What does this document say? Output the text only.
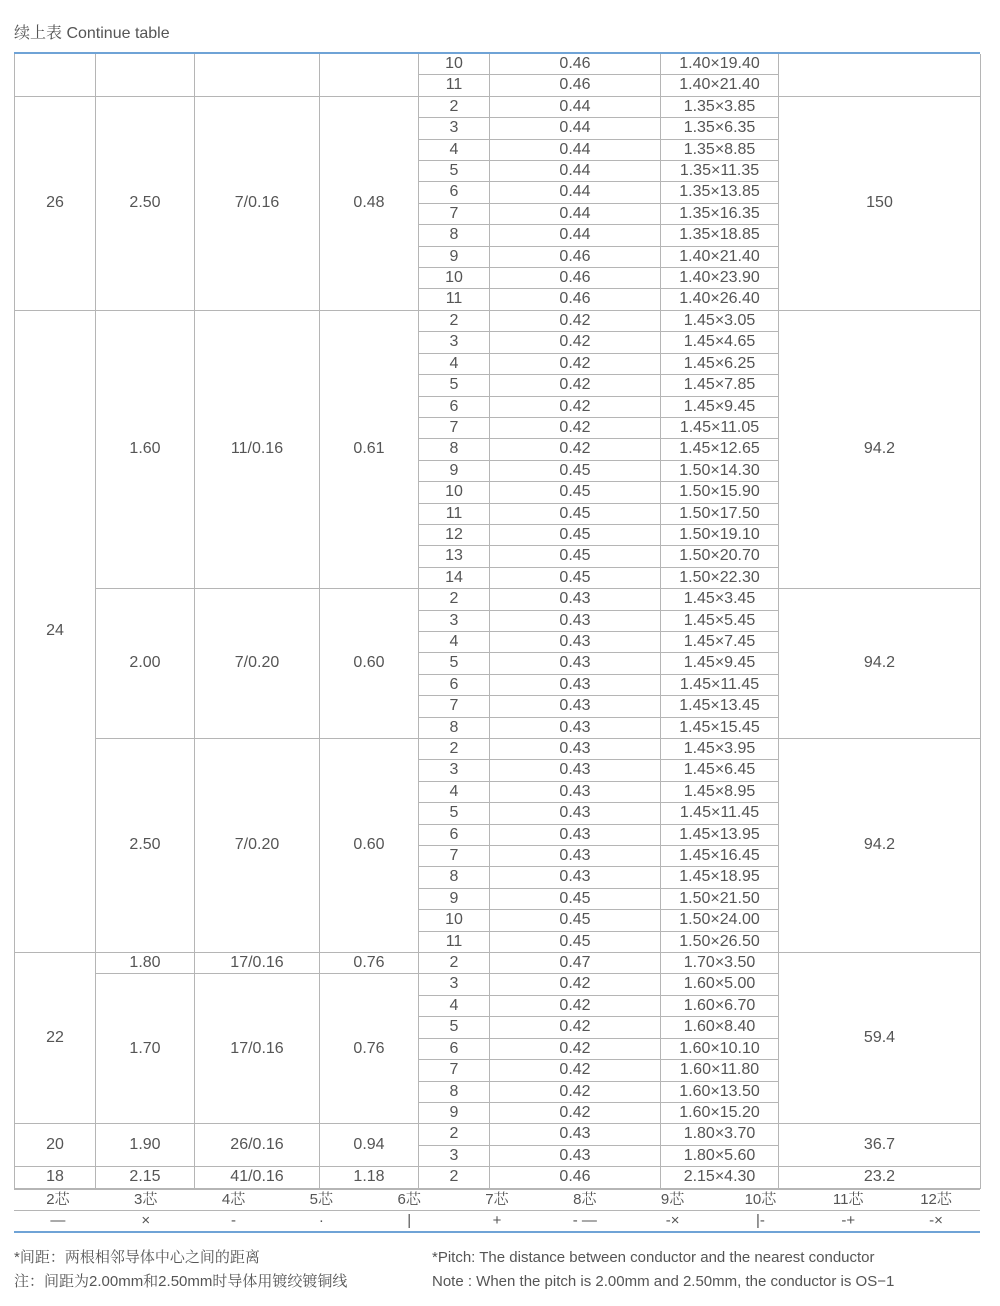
续上表 Continue table
				10	0.46	1.40×19.40	
				11	0.46	1.40×21.40	
26	2.50	7/0.16	0.48	2	0.44	1.35×3.85	150
				3	0.44	1.35×6.35	
				4	0.44	1.35×8.85	
				5	0.44	1.35×11.35	
				6	0.44	1.35×13.85	
				7	0.44	1.35×16.35	
				8	0.44	1.35×18.85	
				9	0.46	1.40×21.40	
				10	0.46	1.40×23.90	
				11	0.46	1.40×26.40	
24	1.60	11/0.16	0.61	2	0.42	1.45×3.05	94.2
				3	0.42	1.45×4.65	
				4	0.42	1.45×6.25	
				5	0.42	1.45×7.85	
				6	0.42	1.45×9.45	
				7	0.42	1.45×11.05	
				8	0.42	1.45×12.65	
				9	0.45	1.50×14.30	
				10	0.45	1.50×15.90	
				11	0.45	1.50×17.50	
				12	0.45	1.50×19.10	
				13	0.45	1.50×20.70	
				14	0.45	1.50×22.30	
	2.00	7/0.20	0.60	2	0.43	1.45×3.45	94.2
				3	0.43	1.45×5.45	
				4	0.43	1.45×7.45	
				5	0.43	1.45×9.45	
				6	0.43	1.45×11.45	
				7	0.43	1.45×13.45	
				8	0.43	1.45×15.45	
	2.50	7/0.20	0.60	2	0.43	1.45×3.95	94.2
				3	0.43	1.45×6.45	
				4	0.43	1.45×8.95	
				5	0.43	1.45×11.45	
				6	0.43	1.45×13.95	
				7	0.43	1.45×16.45	
				8	0.43	1.45×18.95	
				9	0.45	1.50×21.50	
				10	0.45	1.50×24.00	
				11	0.45	1.50×26.50	
22	1.80	17/0.16	0.76	2	0.47	1.70×3.50	59.4
	1.70	17/0.16	0.76	3	0.42	1.60×5.00	
				4	0.42	1.60×6.70	
				5	0.42	1.60×8.40	
				6	0.42	1.60×10.10	
				7	0.42	1.60×11.80	
				8	0.42	1.60×13.50	
				9	0.42	1.60×15.20	
20	1.90	26/0.16	0.94	2	0.43	1.80×3.70	36.7
				3	0.43	1.80×5.60	
18	2.15	41/0.16	1.18	2	0.46	2.15×4.30	23.2
2芯	3芯	4芯	5芯	6芯	7芯	8芯	9芯	10芯	11芯	12芯
—	×	-	·	|	+	- —	-×	|-	-+	-×
*间距：两根相邻导体中心之间的距离
注：间距为2.00mm和2.50mm时导体用镀绞镀铜线
*Pitch: The distance between conductor and the nearest conductor
Note : When the pitch is 2.00mm and 2.50mm, the conductor is OS−1
